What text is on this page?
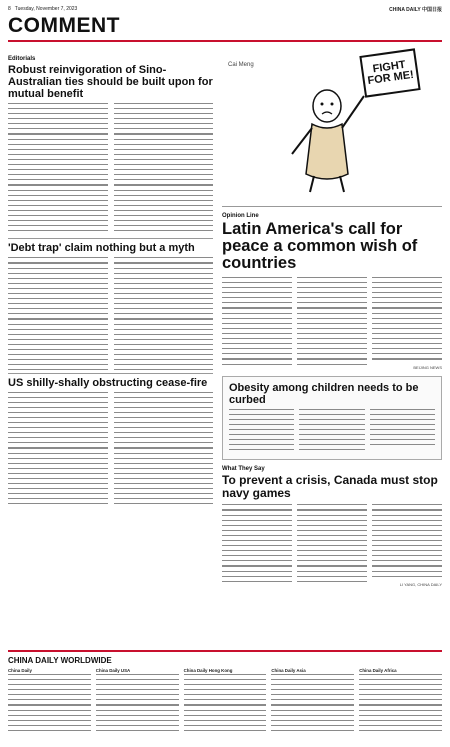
8 Tuesday, November 7, 2023	CHINA DAILY 中国日报
COMMENT
Editorials
Robust reinvigoration of Sino-Australian ties should be built upon for mutual benefit
'Debt trap' claim nothing but a myth
US shilly-shally obstructing cease-fire
Cai Meng	FIGHT FOR ME!
Opinion Line
Latin America's call for peace a common wish of countries
BEIJING NEWS
Obesity among children needs to be curbed
What They Say
To prevent a crisis, Canada must stop navy games
LI YANG, CHINA DAILY
CHINA DAILY WORLDWIDE
China Daily	China Daily USA	China Daily Hong Kong	China Daily Asia	China Daily Africa
